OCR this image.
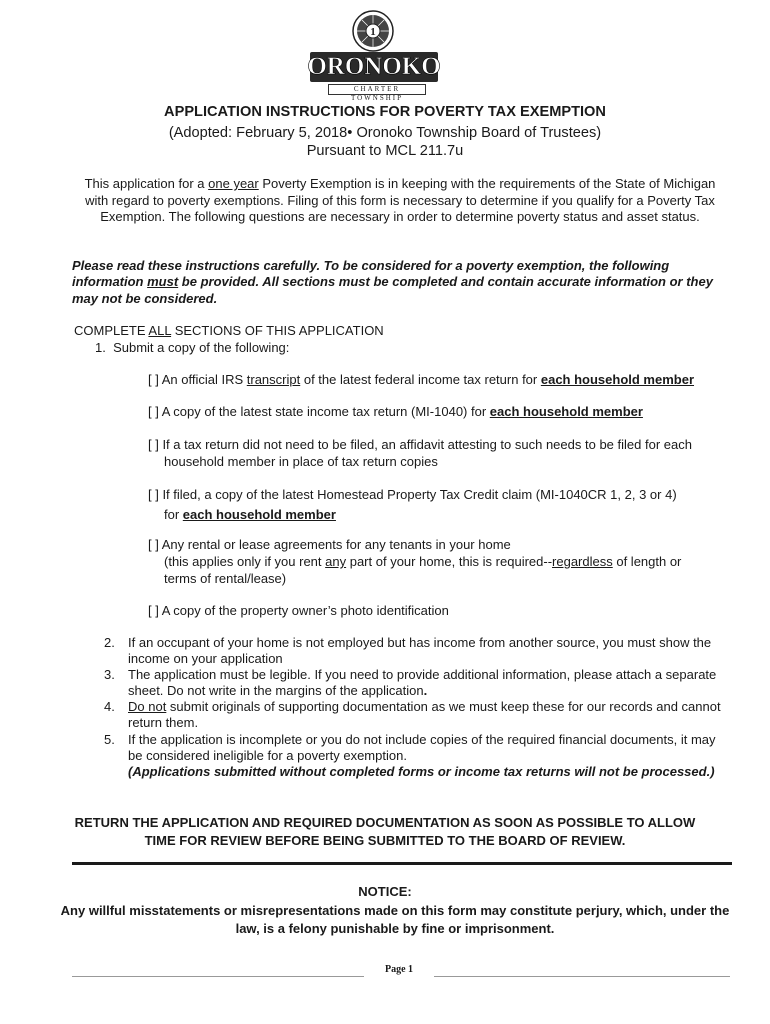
1
ORONOKO
CHARTER TOWNSHIP
APPLICATION INSTRUCTIONS FOR POVERTY TAX EXEMPTION
(Adopted: February 5, 2018• Oronoko Township Board of Trustees)
Pursuant to MCL 211.7u
This application for a one year Poverty Exemption is in keeping with the requirements of the State of Michigan with regard to poverty exemptions. Filing of this form is necessary to determine if you qualify for a Poverty Tax Exemption. The following questions are necessary in order to determine poverty status and asset status.
Please read these instructions carefully. To be considered for a poverty exemption, the following information must be provided. All sections must be completed and contain accurate information or they may not be considered.
COMPLETE ALL SECTIONS OF THIS APPLICATION
1. Submit a copy of the following:
[ ] An official IRS transcript of the latest federal income tax return for each household member
[ ] A copy of the latest state income tax return (MI-1040) for each household member
[ ] If a tax return did not need to be filed, an affidavit attesting to such needs to be filed for each
household member in place of tax return copies
[ ] If filed, a copy of the latest Homestead Property Tax Credit claim (MI-1040CR 1, 2, 3 or 4)
for each household member
[ ] Any rental or lease agreements for any tenants in your home
(this applies only if you rent any part of your home, this is required--regardless of length or
terms of rental/lease)
[ ] A copy of the property owner’s photo identification
2. If an occupant of your home is not employed but has income from another source, you must show the income on your application
3. The application must be legible. If you need to provide additional information, please attach a separate sheet. Do not write in the margins of the application.
4. Do not submit originals of supporting documentation as we must keep these for our records and cannot return them.
5. If the application is incomplete or you do not include copies of the required financial documents, it may be considered ineligible for a poverty exemption.
(Applications submitted without completed forms or income tax returns will not be processed.)
RETURN THE APPLICATION AND REQUIRED DOCUMENTATION AS SOON AS POSSIBLE TO ALLOW TIME FOR REVIEW BEFORE BEING SUBMITTED TO THE BOARD OF REVIEW.
NOTICE:
Any willful misstatements or misrepresentations made on this form may constitute perjury, which, under the law, is a felony punishable by fine or imprisonment.
Page 1
